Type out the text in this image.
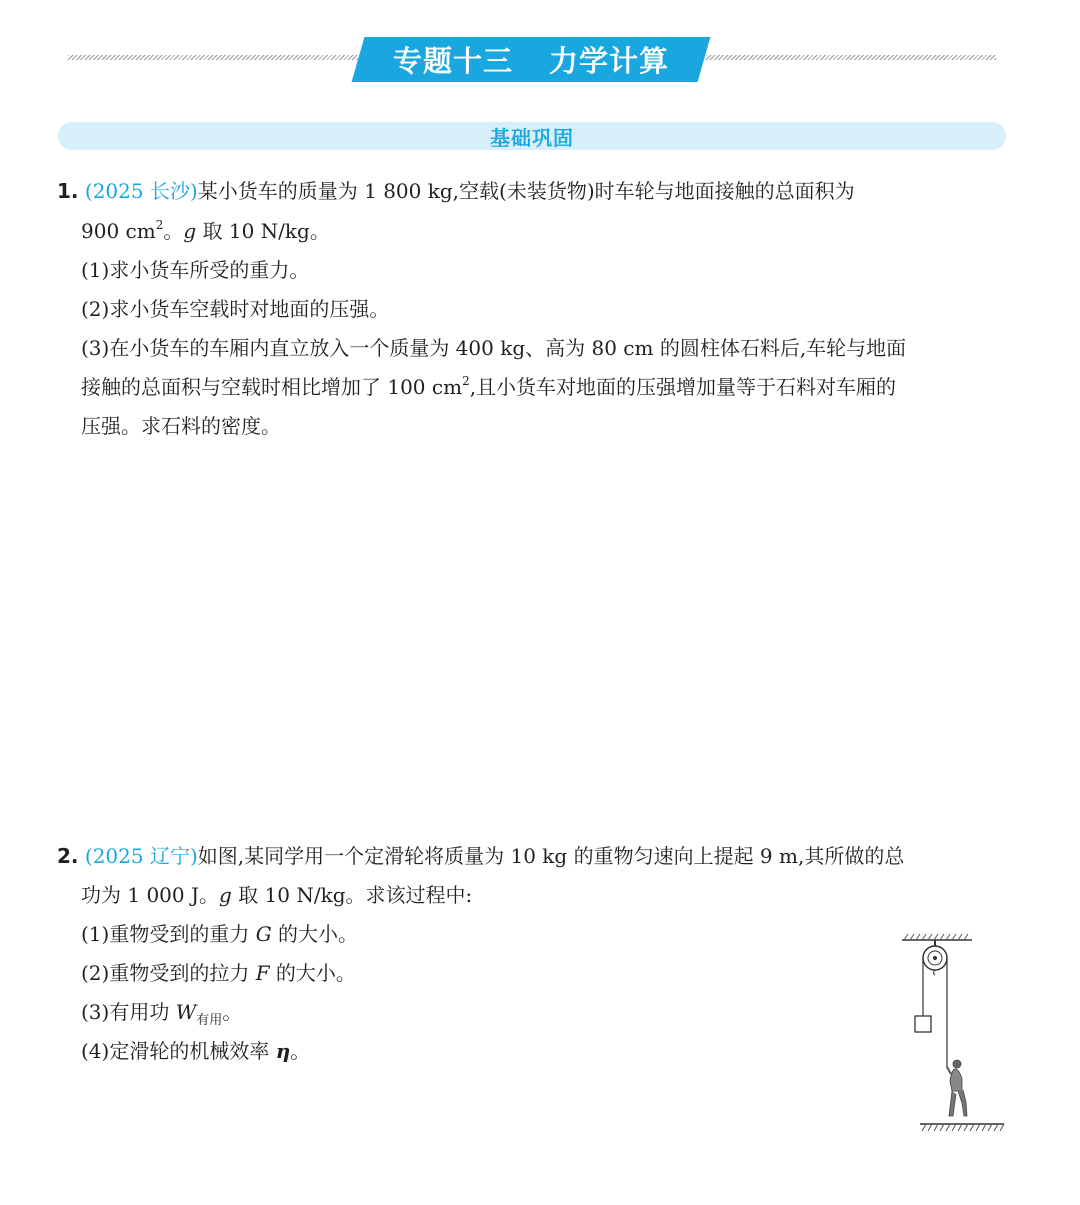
专题十三 力学计算
基础巩固
1. (2025 长沙)某小货车的质量为 1 800 kg,空载(未装货物)时车轮与地面接触的总面积为
900 $cm^2$。g 取 10 N/kg。
(1)求小货车所受的重力。
(2)求小货车空载时对地面的压强。
(3)在小货车的车厢内直立放入一个质量为 400 kg、高为 80 cm 的圆柱体石料后,车轮与地面
接触的总面积与空载时相比增加了 100 $cm^2$,且小货车对地面的压强增加量等于石料对车厢的
压强。求石料的密度。
2. (2025 辽宁)如图,某同学用一个定滑轮将质量为 10 kg 的重物匀速向上提起 9 m,其所做的总
功为 1 000 J。g 取 10 N/kg。求该过程中:
(1)重物受到的重力 G 的大小。
(2)重物受到的拉力 F 的大小。
(3)有用功 $W_{有用}$。
(4)定滑轮的机械效率 η。
